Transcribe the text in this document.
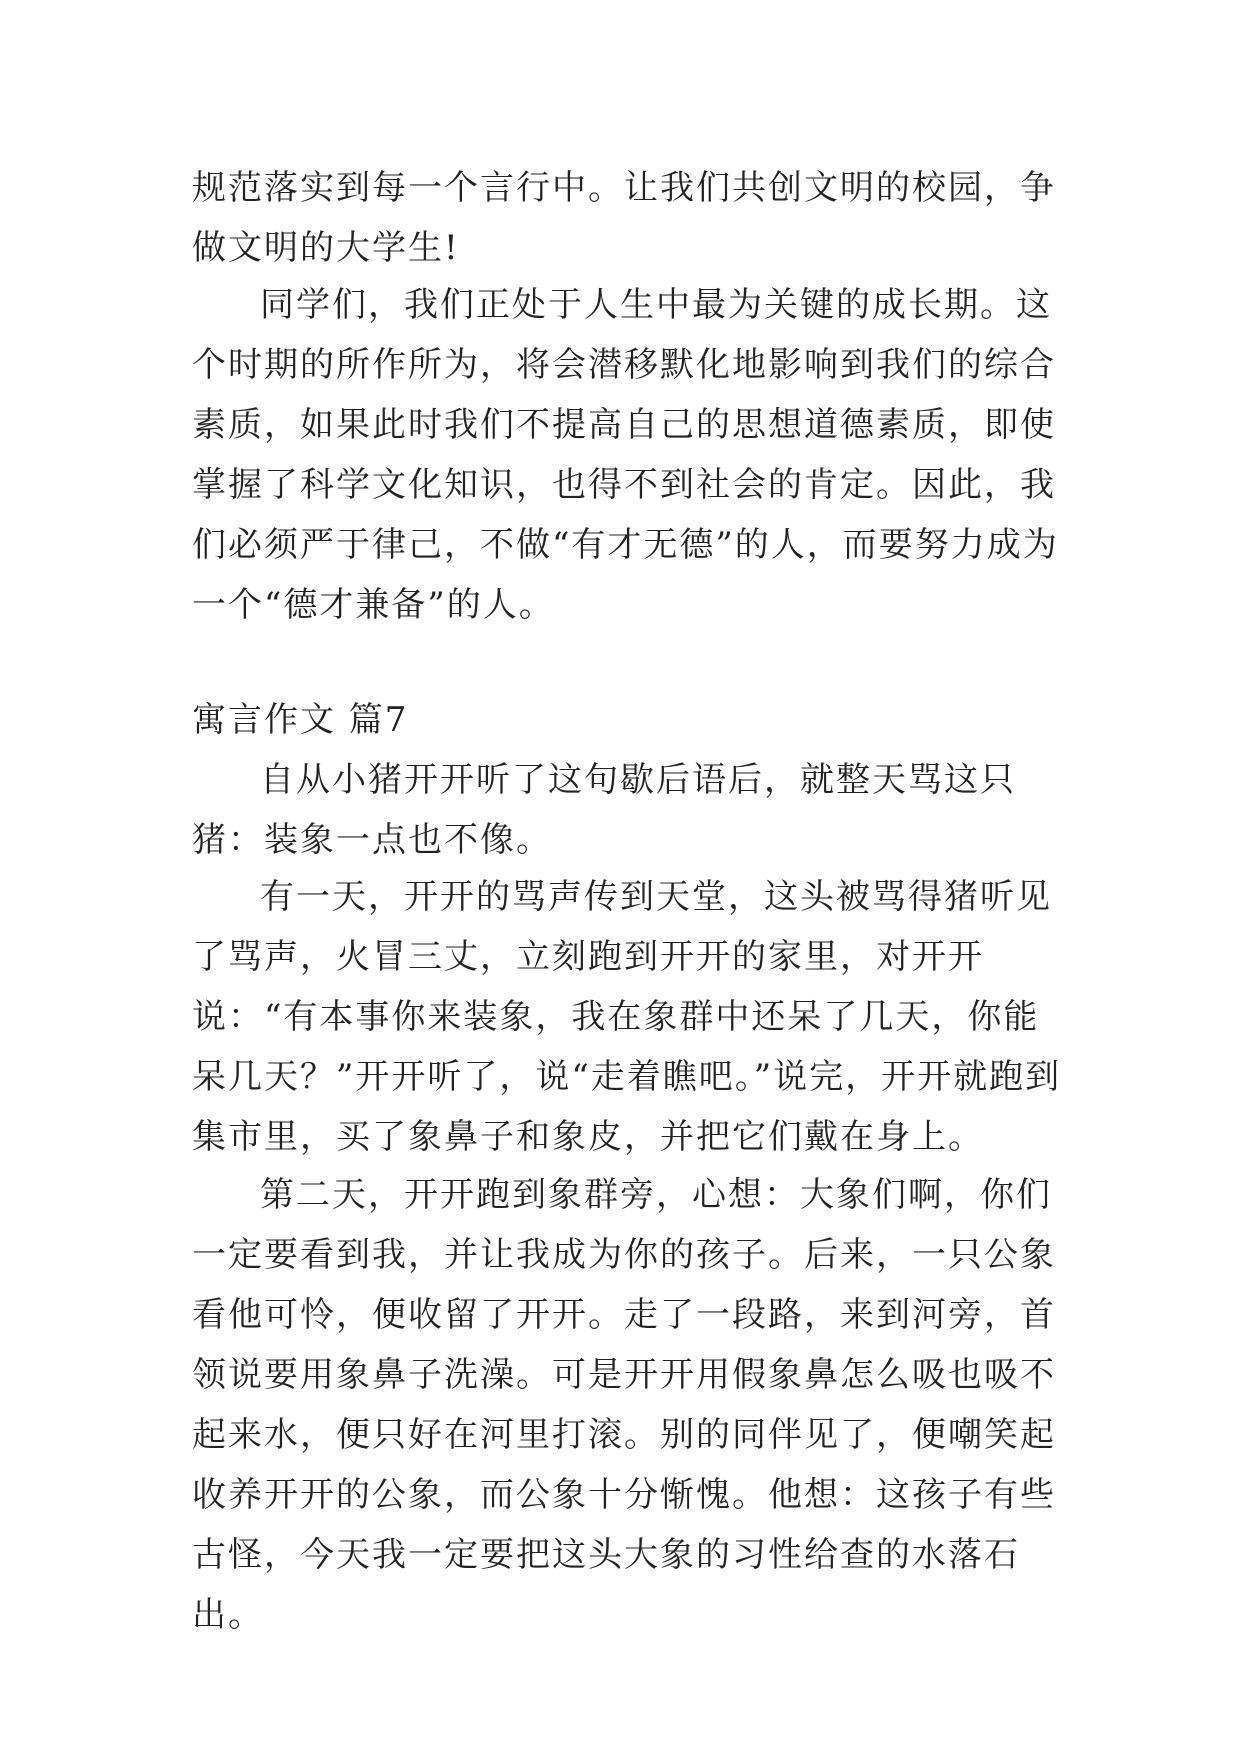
规范落实到每一个言行中。让我们共创文明的校园，争做文明的大学生!

同学们，我们正处于人生中最为关键的成长期。这个时期的所作所为，将会潜移默化地影响到我们的综合素质，如果此时我们不提高自己的思想道德素质，即使掌握了科学文化知识，也得不到社会的肯定。因此，我们必须严于律己，不做“有才无德”的人，而要努力成为一个“德才兼备”的人。

寓言作文 篇7

自从小猪开开听了这句歇后语后，就整天骂这只猪：装象一点也不像。

有一天，开开的骂声传到天堂，这头被骂得猪听见了骂声，火冒三丈，立刻跑到开开的家里，对开开说：“有本事你来装象，我在象群中还呆了几天，你能呆几天？”开开听了，说“走着瞧吧。”说完，开开就跑到集市里，买了象鼻子和象皮，并把它们戴在身上。

第二天，开开跑到象群旁，心想：大象们啊，你们一定要看到我，并让我成为你的孩子。后来，一只公象看他可怜，便收留了开开。走了一段路，来到河旁，首领说要用象鼻子洗澡。可是开开用假象鼻怎么吸也吸不起来水，便只好在河里打滚。别的同伴见了，便嘲笑起收养开开的公象，而公象十分惭愧。他想：这孩子有些古怪，今天我一定要把这头大象的习性给查的水落石出。
